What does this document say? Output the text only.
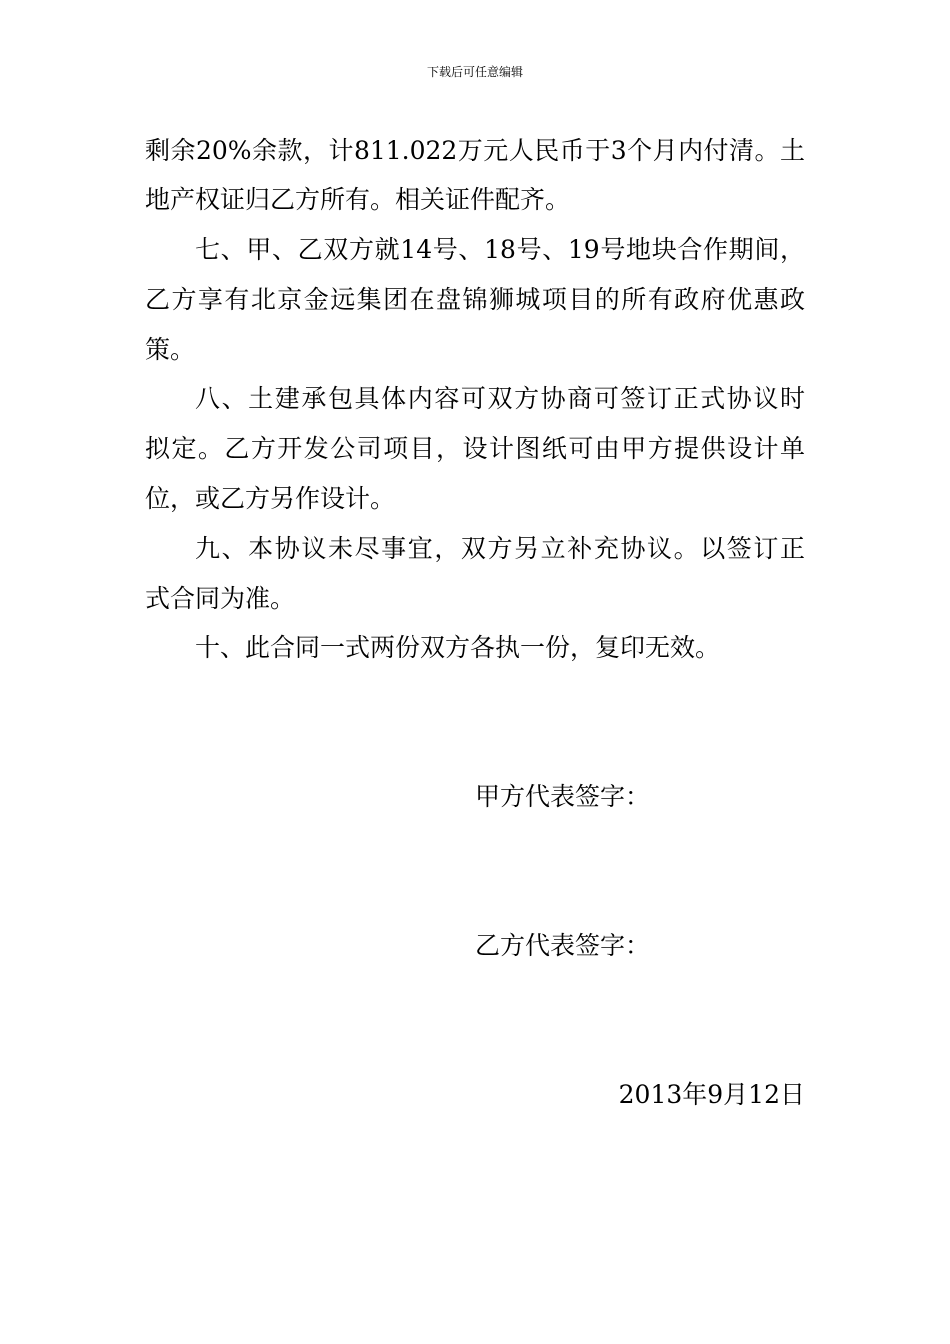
下载后可任意编辑
剩余20%余款，计811.022万元人民币于3个月内付清。土
地产权证归乙方所有。相关证件配齐。
七、甲、乙双方就14号、18号、19号地块合作期间，
乙方享有北京金远集团在盘锦狮城项目的所有政府优惠政
策。
八、土建承包具体内容可双方协商可签订正式协议时
拟定。乙方开发公司项目，设计图纸可由甲方提供设计单
位，或乙方另作设计。
九、本协议未尽事宜，双方另立补充协议。以签订正
式合同为准。
十、此合同一式两份双方各执一份，复印无效。
甲方代表签字：
乙方代表签字：
2013年9月12日
